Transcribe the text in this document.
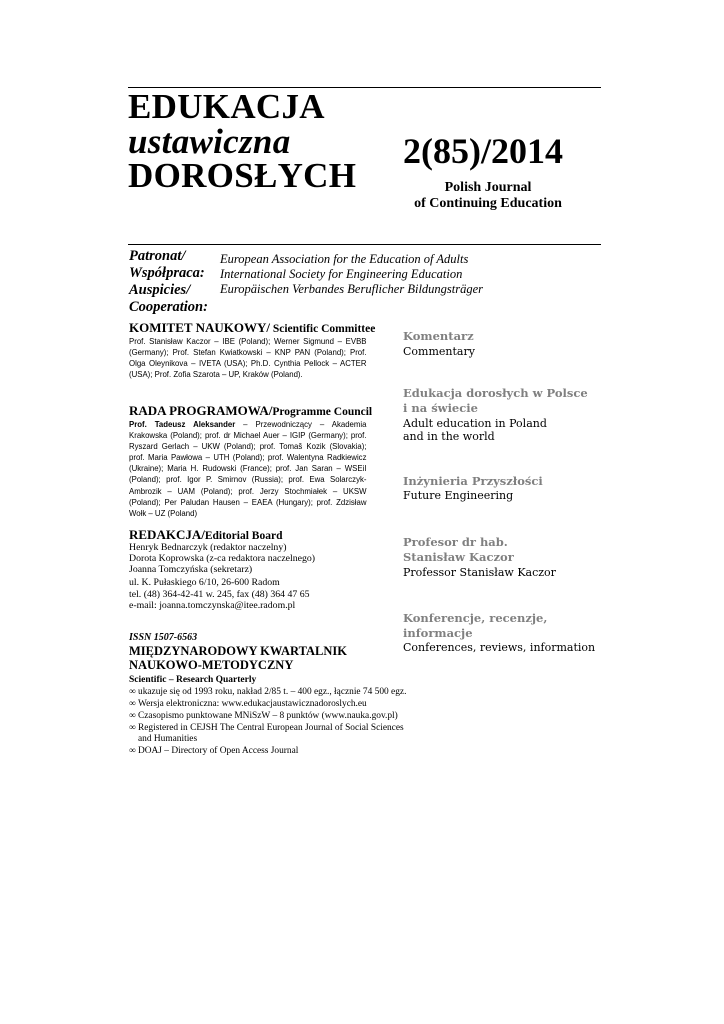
EDUKACJA
ustawiczna
DOROSŁYCH
2(85)/2014
Polish Journal
of Continuing Education
Patronat/
Współpraca:
Auspicies/
Cooperation:
European Association for the Education of Adults
International Society for Engineering Education
Europäischen Verbandes Beruflicher Bildungsträger
KOMITET NAUKOWY/ Scientific Committee
Prof. Stanisław Kaczor – IBE (Poland); Werner Sigmund – EVBB (Germany); Prof. Stefan Kwiatkowski – KNP PAN (Poland); Prof. Olga Oleynikova – IVETA (USA); Ph.D. Cynthia Pellock – ACTER (USA); Prof. Zofia Szarota – UP, Kraków (Poland).
RADA PROGRAMOWA/Programme Council
Prof. Tadeusz Aleksander – Przewodniczący – Akademia Krakowska (Poland); prof. dr Michael Auer – IGIP (Germany); prof. Ryszard Gerlach – UKW (Poland); prof. Tomaš Kozik (Slovakia); prof. Maria Pawłowa – UTH (Poland); prof. Walentyna Radkiewicz (Ukraine); Maria H. Rudowski (France); prof. Jan Saran – WSEiI (Poland); prof. Igor P. Smirnov (Russia); prof. Ewa Solarczyk-Ambrozik – UAM (Poland); prof. Jerzy Stochmiałek – UKSW (Poland); Per Paludan Hausen – EAEA (Hungary); prof. Zdzisław Wołk – UZ (Poland)
REDAKCJA/Editorial Board
Henryk Bednarczyk (redaktor naczelny)
Dorota Koprowska (z-ca redaktora naczelnego)
Joanna Tomczyńska (sekretarz)
ul. K. Pułaskiego 6/10, 26-600 Radom
tel. (48) 364-42-41 w. 245, fax (48) 364 47 65
e-mail: joanna.tomczynska@itee.radom.pl
ISSN 1507-6563
MIĘDZYNARODOWY KWARTALNIK
NAUKOWO-METODYCZNY
Scientific – Research Quarterly
∞ ukazuje się od 1993 roku, nakład 2/85 t. – 400 egz., łącznie 74 500 egz.
∞ Wersja elektroniczna: www.edukacjaustawicznadoroslych.eu
∞ Czasopismo punktowane MNiSzW – 8 punktów (www.nauka.gov.pl)
∞ Registered in CEJSH The Central European Journal of Social Sciences
and Humanities
∞ DOAJ – Directory of Open Access Journal
Komentarz
Commentary
Edukacja dorosłych w Polsce
i na świecie
Adult education in Poland
and in the world
Inżynieria Przyszłości
Future Engineering
Profesor dr hab.
Stanisław Kaczor
Professor Stanisław Kaczor
Konferencje, recenzje,
informacje
Conferences, reviews, information
